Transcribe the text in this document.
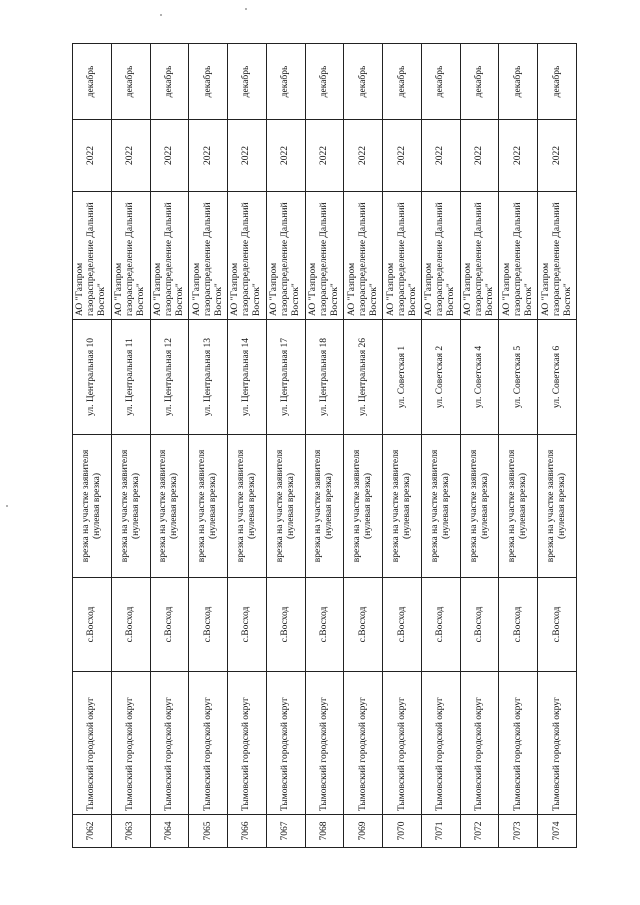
7062	Тымовский городской округ	с.Восход	врезка на участке заявителя (нулевая врезка)	ул. Центральная 10	АО "Газпром газораспределение Дальний Восток"	2022	декабрь
7063	Тымовский городской округ	с.Восход	врезка на участке заявителя (нулевая врезка)	ул. Центральная 11	АО "Газпром газораспределение Дальний Восток"	2022	декабрь
7064	Тымовский городской округ	с.Восход	врезка на участке заявителя (нулевая врезка)	ул. Центральная 12	АО "Газпром газораспределение Дальний Восток"	2022	декабрь
7065	Тымовский городской округ	с.Восход	врезка на участке заявителя (нулевая врезка)	ул. Центральная 13	АО "Газпром газораспределение Дальний Восток"	2022	декабрь
7066	Тымовский городской округ	с.Восход	врезка на участке заявителя (нулевая врезка)	ул. Центральная 14	АО "Газпром газораспределение Дальний Восток"	2022	декабрь
7067	Тымовский городской округ	с.Восход	врезка на участке заявителя (нулевая врезка)	ул. Центральная 17	АО "Газпром газораспределение Дальний Восток"	2022	декабрь
7068	Тымовский городской округ	с.Восход	врезка на участке заявителя (нулевая врезка)	ул. Центральная 18	АО "Газпром газораспределение Дальний Восток"	2022	декабрь
7069	Тымовский городской округ	с.Восход	врезка на участке заявителя (нулевая врезка)	ул. Центральная 26	АО "Газпром газораспределение Дальний Восток"	2022	декабрь
7070	Тымовский городской округ	с.Восход	врезка на участке заявителя (нулевая врезка)	ул. Советская 1	АО "Газпром газораспределение Дальний Восток"	2022	декабрь
7071	Тымовский городской округ	с.Восход	врезка на участке заявителя (нулевая врезка)	ул. Советская 2	АО "Газпром газораспределение Дальний Восток"	2022	декабрь
7072	Тымовский городской округ	с.Восход	врезка на участке заявителя (нулевая врезка)	ул. Советская 4	АО "Газпром газораспределение Дальний Восток"	2022	декабрь
7073	Тымовский городской округ	с.Восход	врезка на участке заявителя (нулевая врезка)	ул. Советская 5	АО "Газпром газораспределение Дальний Восток"	2022	декабрь
7074	Тымовский городской округ	с.Восход	врезка на участке заявителя (нулевая врезка)	ул. Советская 6	АО "Газпром газораспределение Дальний Восток"	2022	декабрь
